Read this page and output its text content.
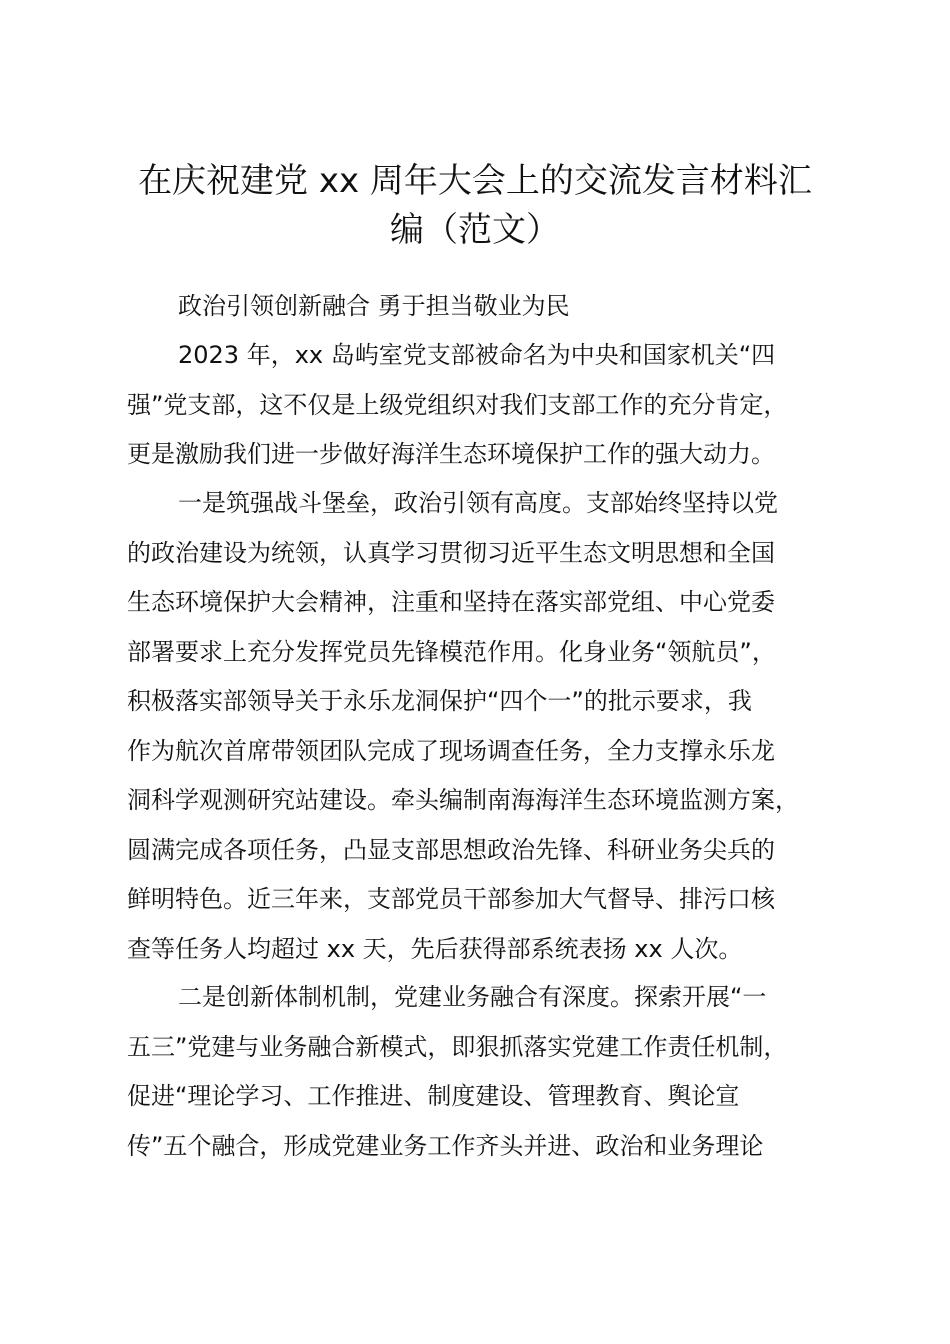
在庆祝建党 xx 周年大会上的交流发言材料汇
编（范文）

政治引领创新融合 勇于担当敬业为民

2023 年，xx 岛屿室党支部被命名为中央和国家机关“四
强”党支部，这不仅是上级党组织对我们支部工作的充分肯定，
更是激励我们进一步做好海洋生态环境保护工作的强大动力。
一是筑强战斗堡垒，政治引领有高度。支部始终坚持以党
的政治建设为统领，认真学习贯彻习近平生态文明思想和全国
生态环境保护大会精神，注重和坚持在落实部党组、中心党委
部署要求上充分发挥党员先锋模范作用。化身业务“领航员”，
积极落实部领导关于永乐龙洞保护“四个一”的批示要求，我
作为航次首席带领团队完成了现场调查任务，全力支撑永乐龙
洞科学观测研究站建设。牵头编制南海海洋生态环境监测方案，
圆满完成各项任务，凸显支部思想政治先锋、科研业务尖兵的
鲜明特色。近三年来，支部党员干部参加大气督导、排污口核
查等任务人均超过 xx 天，先后获得部系统表扬 xx 人次。
二是创新体制机制，党建业务融合有深度。探索开展“一
五三”党建与业务融合新模式，即狠抓落实党建工作责任机制，
促进“理论学习、工作推进、制度建设、管理教育、舆论宣
传”五个融合，形成党建业务工作齐头并进、政治和业务理论
